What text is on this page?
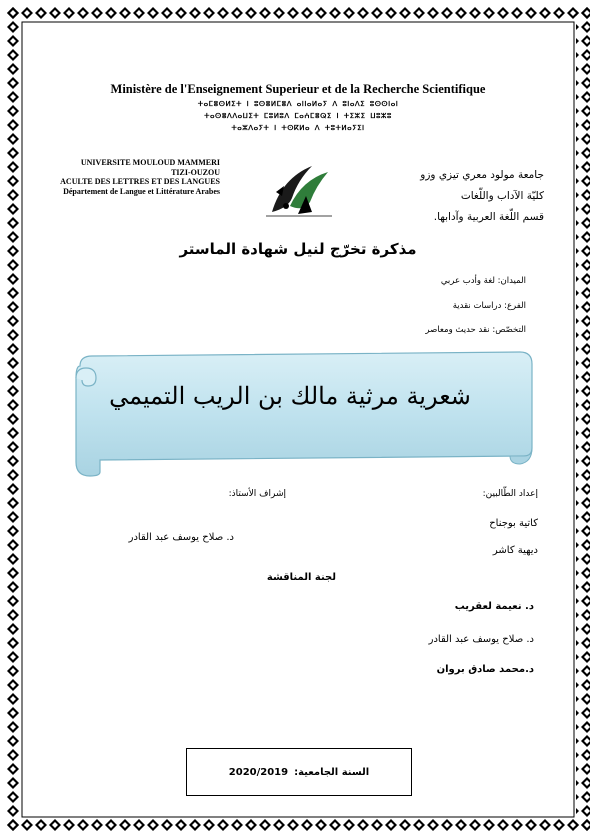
Ministère de l'Enseignement Superieur et de la Recherche Scientifique
ⵜⴰⵎⴻⵙⵍⵉⵜ ⵏ ⵓⵙⴻⵍⵎⴻⴷ ⴰⵏⵏⴰⵍⴰⵢ ⴷ ⵓⵏⴰⴷⵉ ⵓⵙⵙⵏⴰⵏ
ⵜⴰⵙⴻⴷⴷⴰⵡⵉⵜ ⵎⵓⵍⵓⴷ ⵎⴰⵄⵎⴻⵕⵉ ⵏ ⵜⵉⵣⵉ ⵡⵓⵣⵓ
ⵜⴰⵣⴷⴰⵢⵜ ⵏ ⵜⵙⴽⵍⴰ ⴷ ⵜⵓⵜⵍⴰⵢⵉⵏ
UNIVERSITE MOULOUD MAMMERI
TIZI-OUZOU
ACULTE DES LETTRES ET DES LANGUES
Département de Langue et Littérature Arabes
جامعة مولود معري تيزي وزو
كليّة الآداب واللّغات
قسم اللّغة العربية وآدابها.
مذكرة تخرّج لنيل شهادة الماستر
الميدان: لغة وأدب عربي
الفرع: دراسات نقدية
التخصّص: نقد حديث ومعاصر
شعرية مرثية مالك بن الريب التميمي
إعداد الطّالبين:
إشراف الأستاذ:
كاتية بوجناح
ديهية كاشر
د. صلاح يوسف عبد القادر
لجنة المناقشة
د. نعيمة لعقريب
د. صلاح يوسف عبد القادر
د.محمد صادق بروان
السنة الجامعية:
2020/2019
